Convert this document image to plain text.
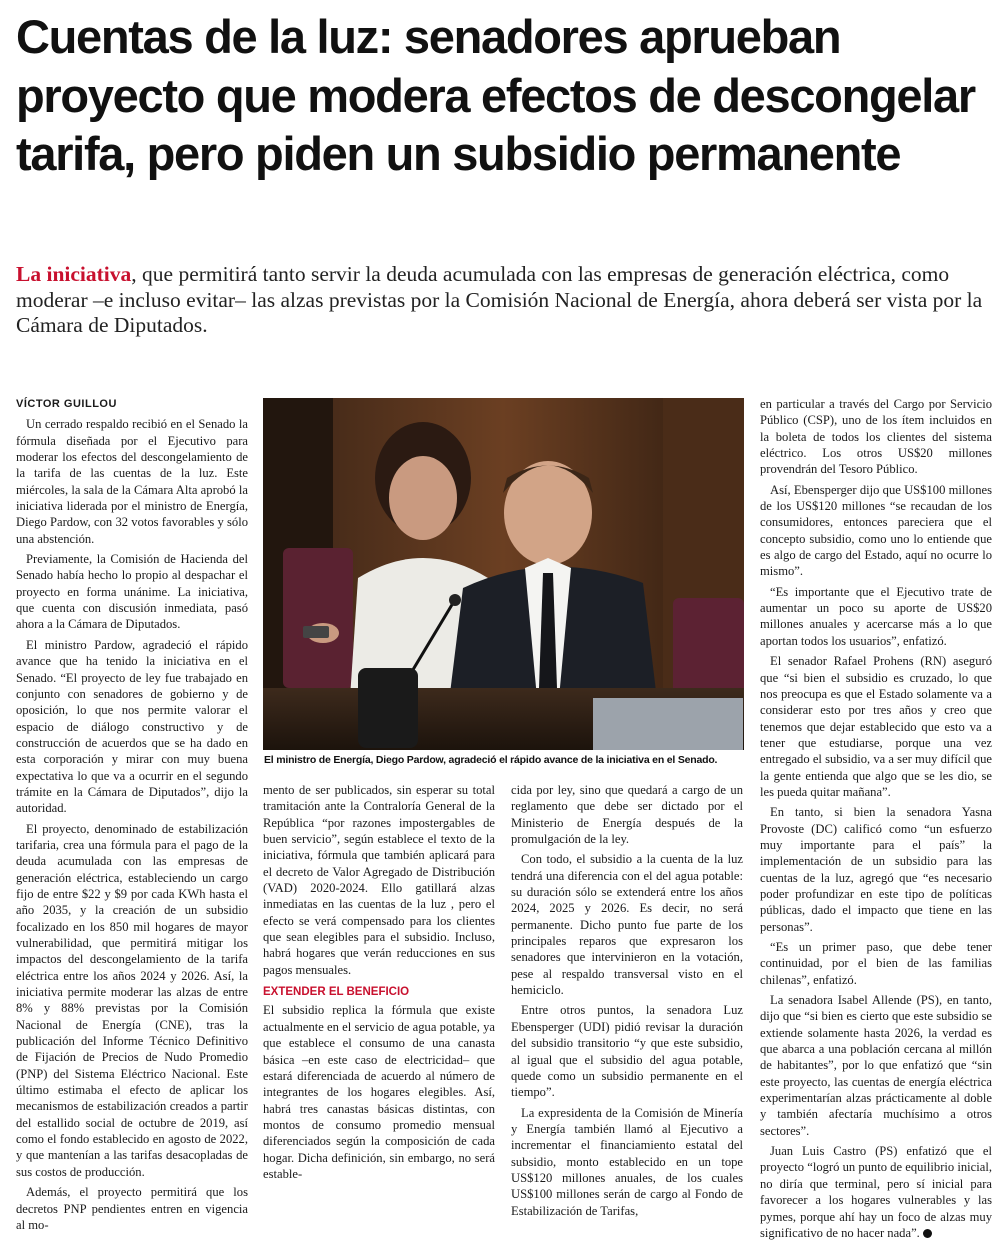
Cuentas de la luz: senadores aprueban proyecto que modera efectos de descongelar tarifa, pero piden un subsidio permanente

La iniciativa, que permitirá tanto servir la deuda acumulada con las empresas de generación eléctrica, como moderar –e incluso evitar– las alzas previstas por la Comisión Nacional de Energía, ahora deberá ser vista por la Cámara de Diputados.

VÍCTOR GUILLOU

Un cerrado respaldo recibió en el Senado la fórmula diseñada por el Ejecutivo para moderar los efectos del descongelamiento de la tarifa de las cuentas de la luz. Este miércoles, la sala de la Cámara Alta aprobó la iniciativa liderada por el ministro de Energía, Diego Pardow, con 32 votos favorables y sólo una abstención.

Previamente, la Comisión de Hacienda del Senado había hecho lo propio al despachar el proyecto en forma unánime. La iniciativa, que cuenta con discusión inmediata, pasó ahora a la Cámara de Diputados.

El ministro Pardow, agradeció el rápido avance que ha tenido la iniciativa en el Senado. “El proyecto de ley fue trabajado en conjunto con senadores de gobierno y de oposición, lo que nos permite valorar el espacio de diálogo constructivo y de construcción de acuerdos que se ha dado en esta corporación y mirar con muy buena expectativa lo que va a ocurrir en el segundo trámite en la Cámara de Diputados”, dijo la autoridad.

El proyecto, denominado de estabilización tarifaria, crea una fórmula para el pago de la deuda acumulada con las empresas de generación eléctrica, estableciendo un cargo fijo de entre $22 y $9 por cada KWh hasta el año 2035, y la creación de un subsidio focalizado en los 850 mil hogares de mayor vulnerabilidad, que permitirá mitigar los impactos del descongelamiento de la tarifa eléctrica entre los años 2024 y 2026. Así, la iniciativa permite moderar las alzas de entre 8% y 88% previstas por la Comisión Nacional de Energía (CNE), tras la publicación del Informe Técnico Definitivo de Fijación de Precios de Nudo Promedio (PNP) del Sistema Eléctrico Nacional. Este último estimaba el efecto de aplicar los mecanismos de estabilización creados a partir del estallido social de octubre de 2019, así como el fondo establecido en agosto de 2022, y que mantenían a las tarifas desacopladas de sus costos de producción.

Además, el proyecto permitirá que los decretos PNP pendientes entren en vigencia al mo-

El ministro de Energía, Diego Pardow, agradeció el rápido avance de la iniciativa en el Senado.

mento de ser publicados, sin esperar su total tramitación ante la Contraloría General de la República “por razones impostergables de buen servicio”, según establece el texto de la iniciativa, fórmula que también aplicará para el decreto de Valor Agregado de Distribución (VAD) 2020-2024. Ello gatillará alzas inmediatas en las cuentas de la luz , pero el efecto se verá compensado para los clientes que sean elegibles para el subsidio. Incluso, habrá hogares que verán reducciones en sus pagos mensuales.

EXTENDER EL BENEFICIO

El subsidio replica la fórmula que existe actualmente en el servicio de agua potable, ya que establece el consumo de una canasta básica –en este caso de electricidad– que estará diferenciada de acuerdo al número de integrantes de los hogares elegibles. Así, habrá tres canastas básicas distintas, con montos de consumo promedio mensual diferenciados según la composición de cada hogar. Dicha definición, sin embargo, no será estable-

cida por ley, sino que quedará a cargo de un reglamento que debe ser dictado por el Ministerio de Energía después de la promulgación de la ley.

Con todo, el subsidio a la cuenta de la luz tendrá una diferencia con el del agua potable: su duración sólo se extenderá entre los años 2024, 2025 y 2026. Es decir, no será permanente. Dicho punto fue parte de los principales reparos que expresaron los senadores que intervinieron en la votación, pese al respaldo transversal visto en el hemiciclo.

Entre otros puntos, la senadora Luz Ebensperger (UDI) pidió revisar la duración del subsidio transitorio “y que este subsidio, al igual que el subsidio del agua potable, quede como un subsidio permanente en el tiempo”.

La expresidenta de la Comisión de Minería y Energía también llamó al Ejecutivo a incrementar el financiamiento estatal del subsidio, monto establecido en un tope US$120 millones anuales, de los cuales US$100 millones serán de cargo al Fondo de Estabilización de Tarifas,

en particular a través del Cargo por Servicio Público (CSP), uno de los ítem incluidos en la boleta de todos los clientes del sistema eléctrico. Los otros US$20 millones provendrán del Tesoro Público.

Así, Ebensperger dijo que US$100 millones de los US$120 millones “se recaudan de los consumidores, entonces pareciera que el concepto subsidio, como uno lo entiende que es algo de cargo del Estado, aquí no ocurre lo mismo”.

“Es importante que el Ejecutivo trate de aumentar un poco su aporte de US$20 millones anuales y acercarse más a lo que aportan todos los usuarios”, enfatizó.

El senador Rafael Prohens (RN) aseguró que “si bien el subsidio es cruzado, lo que nos preocupa es que el Estado solamente va a considerar esto por tres años y creo que tenemos que dejar establecido que esto va a tener que estudiarse, porque una vez entregado el subsidio, va a ser muy difícil que la gente entienda que algo que se les dio, se les pueda quitar mañana”.

En tanto, si bien la senadora Yasna Provoste (DC) calificó como “un esfuerzo muy importante para el país” la implementación de un subsidio para las cuentas de la luz, agregó que “es necesario poder profundizar en este tipo de políticas públicas, dado el impacto que tiene en las personas”.

“Es un primer paso, que debe tener continuidad, por el bien de las familias chilenas”, enfatizó.

La senadora Isabel Allende (PS), en tanto, dijo que “si bien es cierto que este subsidio se extiende solamente hasta 2026, la verdad es que abarca a una población cercana al millón de habitantes”, por lo que enfatizó que “sin este proyecto, las cuentas de energía eléctrica experimentarían alzas prácticamente al doble y también afectaría muchísimo a otros sectores”.

Juan Luis Castro (PS) enfatizó que el proyecto “logró un punto de equilibrio inicial, no diría que terminal, pero sí inicial para favorecer a los hogares vulnerables y las pymes, porque ahí hay un foco de alzas muy significativo de no hacer nada”.
